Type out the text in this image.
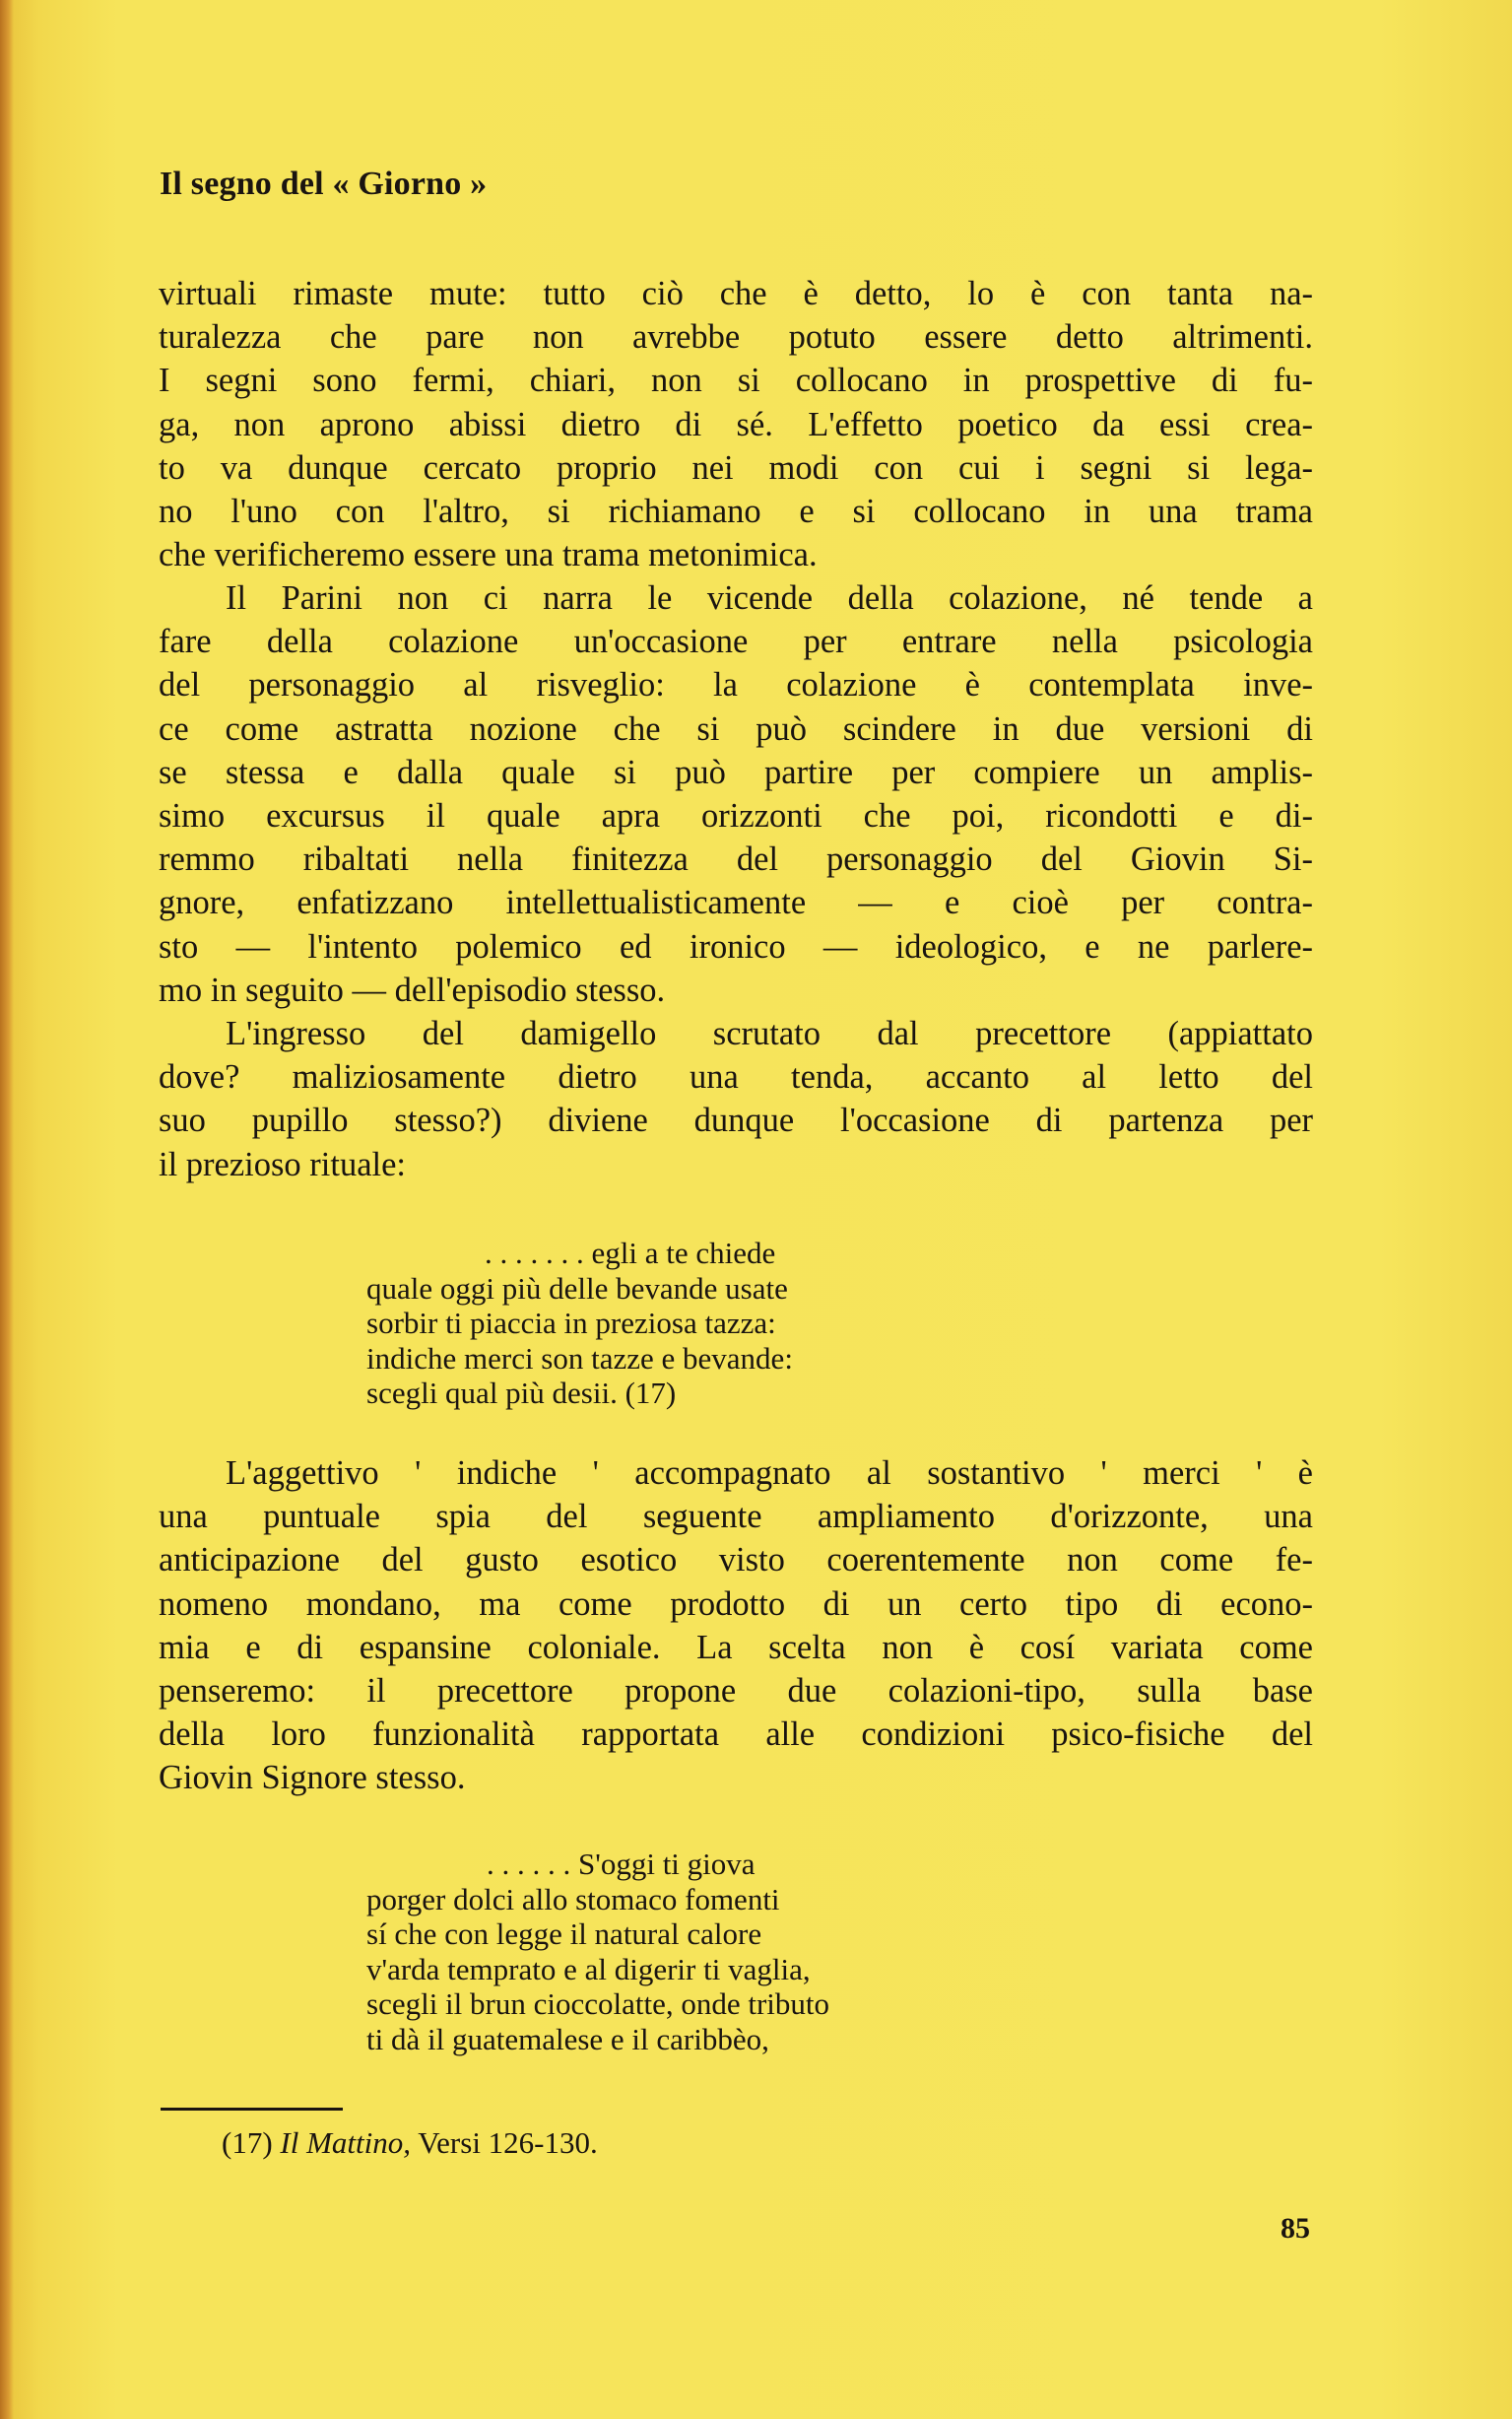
Il segno del « Giorno »
virtuali rimaste mute: tutto ciò che è detto, lo è con tanta na-
turalezza che pare non avrebbe potuto essere detto altrimenti.
I segni sono fermi, chiari, non si collocano in prospettive di fu-
ga, non aprono abissi dietro di sé. L'effetto poetico da essi crea-
to va dunque cercato proprio nei modi con cui i segni si lega-
no l'uno con l'altro, si richiamano e si collocano in una trama
che verificheremo essere una trama metonimica.
Il Parini non ci narra le vicende della colazione, né tende a
fare della colazione un'occasione per entrare nella psicologia
del personaggio al risveglio: la colazione è contemplata inve-
ce come astratta nozione che si può scindere in due versioni di
se stessa e dalla quale si può partire per compiere un amplis-
simo excursus il quale apra orizzonti che poi, ricondotti e di-
remmo ribaltati nella finitezza del personaggio del Giovin Si-
gnore, enfatizzano intellettualisticamente — e cioè per contra-
sto — l'intento polemico ed ironico — ideologico, e ne parlere-
mo in seguito — dell'episodio stesso.
L'ingresso del damigello scrutato dal precettore (appiattato
dove? maliziosamente dietro una tenda, accanto al letto del
suo pupillo stesso?) diviene dunque l'occasione di partenza per
il prezioso rituale:
. . . . . . . egli a te chiede
quale oggi più delle bevande usate
sorbir ti piaccia in preziosa tazza:
indiche merci son tazze e bevande:
scegli qual più desii. (17)
L'aggettivo ' indiche ' accompagnato al sostantivo ' merci ' è
una puntuale spia del seguente ampliamento d'orizzonte, una
anticipazione del gusto esotico visto coerentemente non come fe-
nomeno mondano, ma come prodotto di un certo tipo di econo-
mia e di espansine coloniale. La scelta non è cosí variata come
penseremo: il precettore propone due colazioni-tipo, sulla base
della loro funzionalità rapportata alle condizioni psico-fisiche del
Giovin Signore stesso.
. . . . . . S'oggi ti giova
porger dolci allo stomaco fomenti
sí che con legge il natural calore
v'arda temprato e al digerir ti vaglia,
scegli il brun cioccolatte, onde tributo
ti dà il guatemalese e il caribbèo,
(17) Il Mattino, Versi 126-130.
85
